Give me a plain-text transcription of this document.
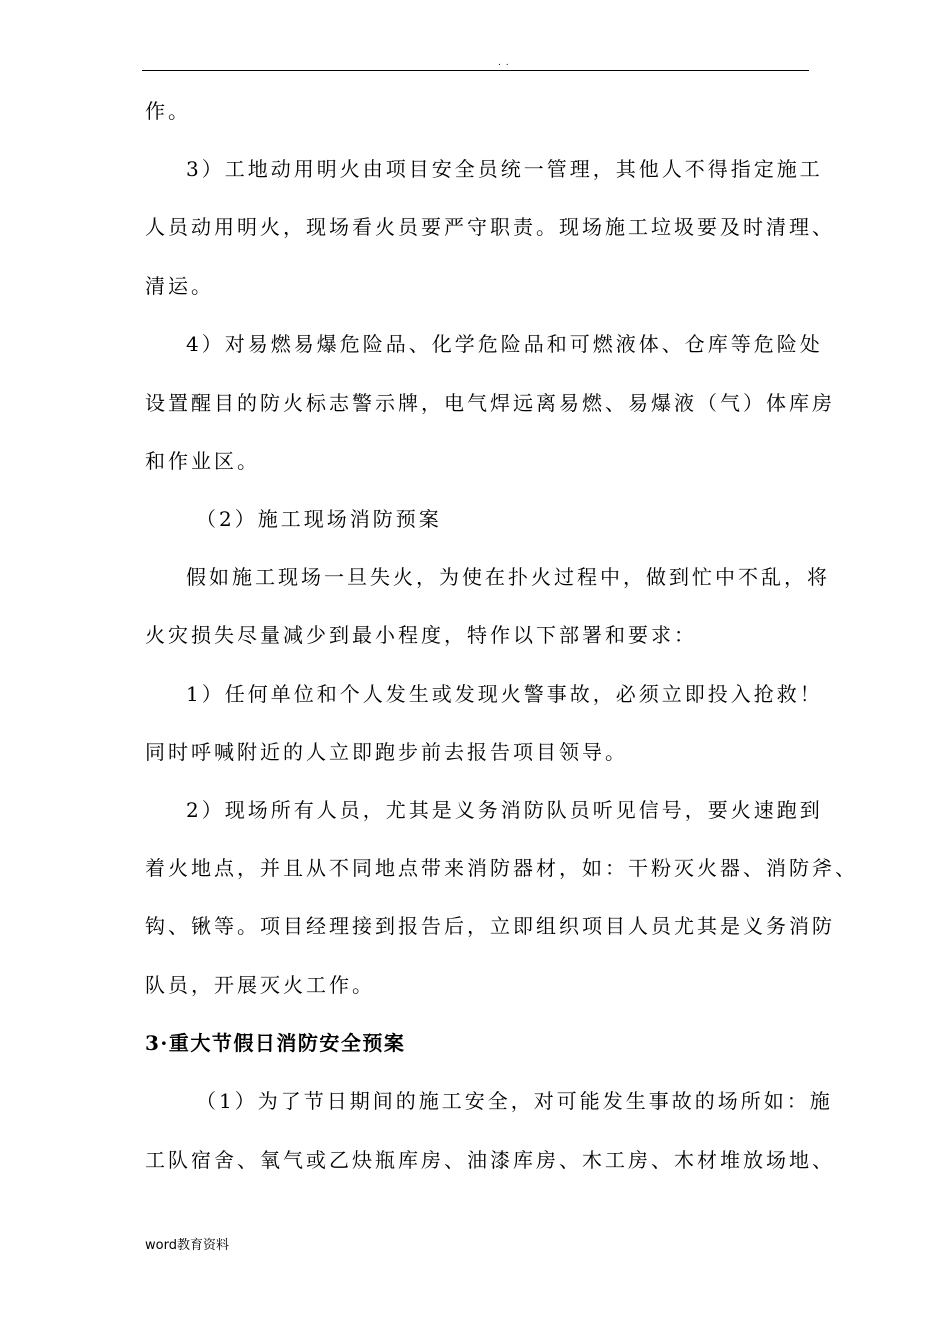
. .
作。
3）工地动用明火由项目安全员统一管理，其他人不得指定施工
人员动用明火，现场看火员要严守职责。现场施工垃圾要及时清理、
清运。
4）对易燃易爆危险品、化学危险品和可燃液体、仓库等危险处
设置醒目的防火标志警示牌，电气焊远离易燃、易爆液（气）体库房
和作业区。
（2）施工现场消防预案
假如施工现场一旦失火，为使在扑火过程中，做到忙中不乱，将
火灾损失尽量减少到最小程度，特作以下部署和要求：
1）任何单位和个人发生或发现火警事故，必须立即投入抢救！
同时呼喊附近的人立即跑步前去报告项目领导。
2）现场所有人员，尤其是义务消防队员听见信号，要火速跑到
着火地点，并且从不同地点带来消防器材，如：干粉灭火器、消防斧、
钩、锹等。项目经理接到报告后，立即组织项目人员尤其是义务消防
队员，开展灭火工作。
3·重大节假日消防安全预案
（1）为了节日期间的施工安全，对可能发生事故的场所如：施
工队宿舍、氧气或乙炔瓶库房、油漆库房、木工房、木材堆放场地、
word教育资料
